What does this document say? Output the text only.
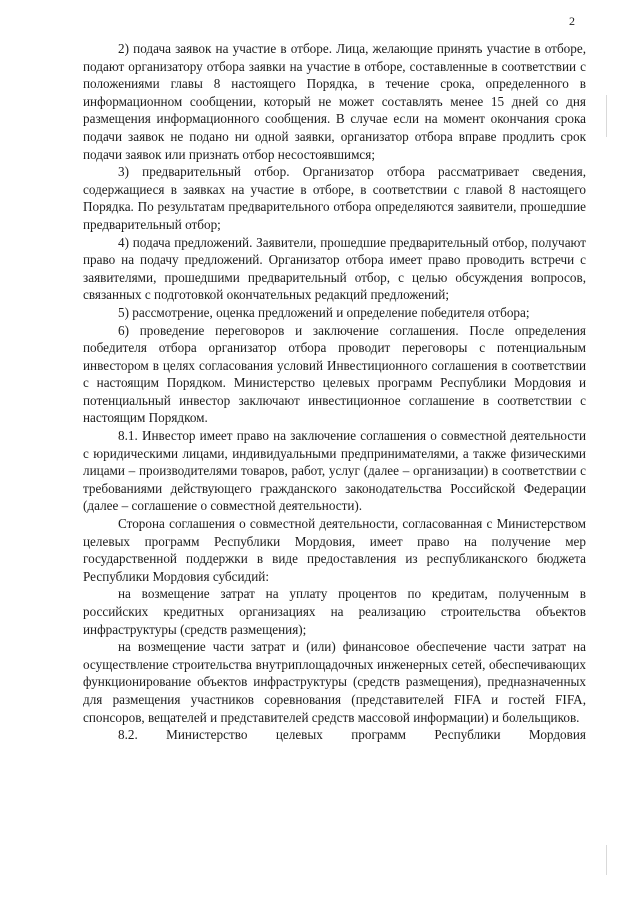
2

2) подача заявок на участие в отборе. Лица, желающие принять участие в отборе, подают организатору отбора заявки на участие в отборе, составленные в соответствии с положениями главы 8 настоящего Порядка, в течение срока, определенного в информационном сообщении, который не может составлять менее 15 дней со дня размещения информационного сообщения. В случае если на момент окончания срока подачи заявок не подано ни одной заявки, организатор отбора вправе продлить срок подачи заявок или признать отбор несостоявшимся;

3) предварительный отбор. Организатор отбора рассматривает сведения, содержащиеся в заявках на участие в отборе, в соответствии с главой 8 настоящего Порядка. По результатам предварительного отбора определяются заявители, прошедшие предварительный отбор;

4) подача предложений. Заявители, прошедшие предварительный отбор, получают право на подачу предложений. Организатор отбора имеет право проводить встречи с заявителями, прошедшими предварительный отбор, с целью обсуждения вопросов, связанных с подготовкой окончательных редакций предложений;

5) рассмотрение, оценка предложений и определение победителя отбора;

6) проведение переговоров и заключение соглашения. После определения победителя отбора организатор отбора проводит переговоры с потенциальным инвестором в целях согласования условий Инвестиционного соглашения в соответствии с настоящим Порядком. Министерство целевых программ Республики Мордовия и потенциальный инвестор заключают инвестиционное соглашение в соответствии с настоящим Порядком.

8.1. Инвестор имеет право на заключение соглашения о совместной деятельности с юридическими лицами, индивидуальными предпринимателями, а также физическими лицами – производителями товаров, работ, услуг (далее – организации) в соответствии с требованиями действующего гражданского законодательства Российской Федерации (далее – соглашение о совместной деятельности).

Сторона соглашения о совместной деятельности, согласованная с Министерством целевых программ Республики Мордовия, имеет право на получение мер государственной поддержки в виде предоставления из республиканского бюджета Республики Мордовия субсидий:

на возмещение затрат на уплату процентов по кредитам, полученным в российских кредитных организациях на реализацию строительства объектов инфраструктуры (средств размещения);

на возмещение части затрат и (или) финансовое обеспечение части затрат на осуществление строительства внутриплощадочных инженерных сетей, обеспечивающих функционирование объектов инфраструктуры (средств размещения), предназначенных для размещения участников соревнования (представителей FIFA и гостей FIFA, спонсоров, вещателей и представителей средств массовой информации) и болельщиков.

8.2. Министерство целевых программ Республики Мордовия
